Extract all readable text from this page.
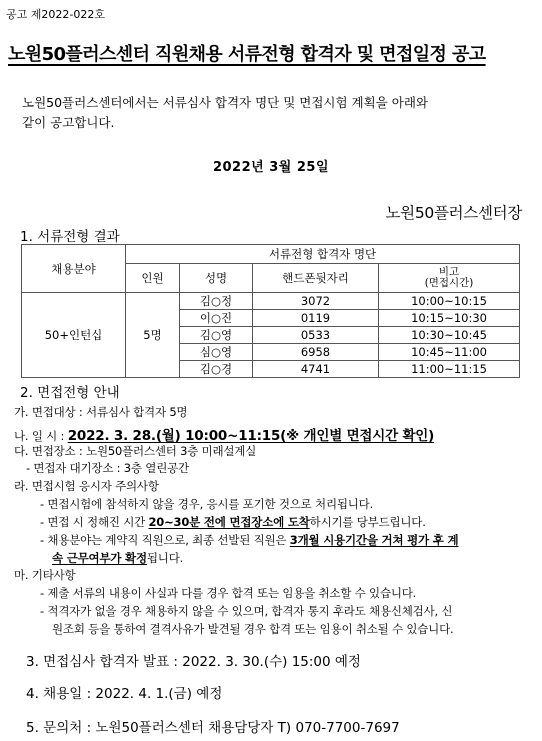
공고 제2022-022호
노원50플러스센터 직원채용 서류전형 합격자 및 면접일정 공고
노원50플러스센터에서는 서류심사 합격자 명단 및 면접시험 계획을 아래와
같이 공고합니다.
2022년 3월 25일
노원50플러스센터장
1. 서류전형 결과
채용분야	서류전형 합격자 명단			
	인원	성명	핸드폰뒷자리	비고
(면접시간)

50+인턴십	5명	김○정	3072	10:00~10:15
		이○진	0119	10:15~10:30
		김○영	0533	10:30~10:45
		심○영	6958	10:45~11:00
		김○경	4741	11:00~11:15
2. 면접전형 안내
가. 면접대상 : 서류심사 합격자 5명
나. 일 시 : 2022. 3. 28.(월) 10:00~11:15(※ 개인별 면접시간 확인)
다. 면접장소 : 노원50플러스센터 3층 미래설계실
- 면접자 대기장소 : 3층 열린공간
라. 면접시험 응시자 주의사항
- 면접시험에 참석하지 않을 경우, 응시를 포기한 것으로 처리됩니다.
- 면접 시 정해진 시간 20~30분 전에 면접장소에 도착하시기를 당부드립니다.
- 채용분야는 계약직 직원으로, 최종 선발된 직원은 3개월 시용기간을 거쳐 평가 후 계
속 근무여부가 확정됩니다.
마. 기타사항
- 제출 서류의 내용이 사실과 다를 경우 합격 또는 임용을 취소할 수 있습니다.
- 적격자가 없을 경우 채용하지 않을 수 있으며, 합격자 통지 후라도 채용신체검사, 신
원조회 등을 통하여 결격사유가 발견될 경우 합격 또는 임용이 취소될 수 있습니다.
3. 면접심사 합격자 발표 : 2022. 3. 30.(수) 15:00 예정
4. 채용일 : 2022. 4. 1.(금) 예정
5. 문의처 : 노원50플러스센터 채용담당자 T) 070-7700-7697
